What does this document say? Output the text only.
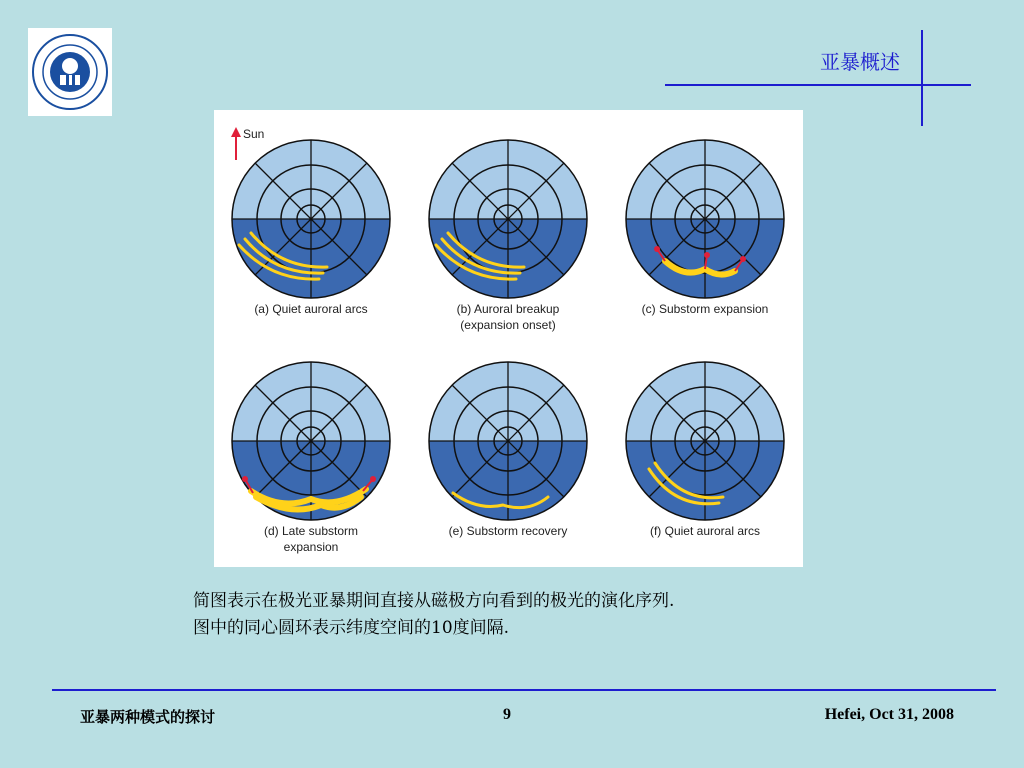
亚暴概述
Sun
(a) Quiet auroral arcs	(b) Auroral breakup
(expansion onset)
(c) Substorm expansion
(d) Late substorm
expansion
(e) Substorm recovery	(f) Quiet auroral arcs
简图表示在极光亚暴期间直接从磁极方向看到的极光的演化序列.
图中的同心圆环表示纬度空间的10度间隔.
亚暴两种模式的探讨	9	Hefei, Oct 31, 2008
